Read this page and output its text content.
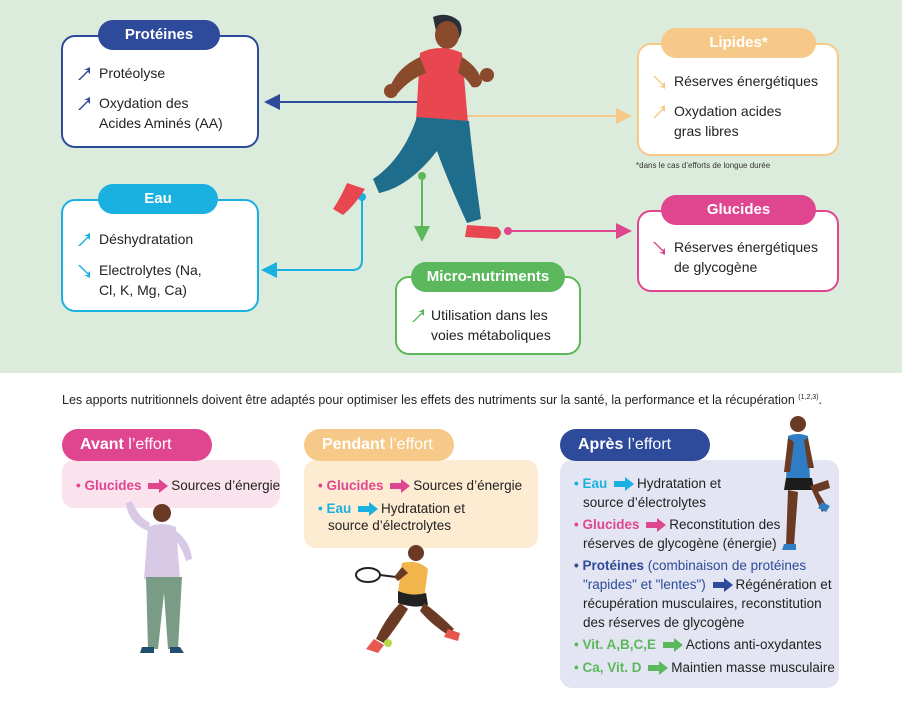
Protéines
Protéolyse
Oxydation des
Acides Aminés (AA)
Eau
Déshydratation
Electrolytes (Na,
Cl, K, Mg, Ca)
Lipides*
Réserves énergétiques
Oxydation acides
gras libres
*dans le cas d’efforts de longue durée
Glucides
Réserves énergétiques
de glycogène
Micro-nutriments
Utilisation dans les
voies métaboliques
Les apports nutritionnels doivent être adaptés pour optimiser les effets des nutriments sur la santé, la performance et la récupération $^{(1,2,3)}$.
Avant l’effort
• Glucides Sources d’énergie
Pendant l’effort
• Glucides Sources d’énergie
• Eau Hydratation et
source d’électrolytes
Après l’effort
• Eau Hydratation et
source d’électrolytes
• Glucides Reconstitution des
réserves de glycogène (énergie)
• Protéines (combinaison de protéines
"rapides" et "lentes") Régénération et
récupération musculaires, reconstitution
des réserves de glycogène
• Vit. A,B,C,E Actions anti-oxydantes
• Ca, Vit. D Maintien masse musculaire
